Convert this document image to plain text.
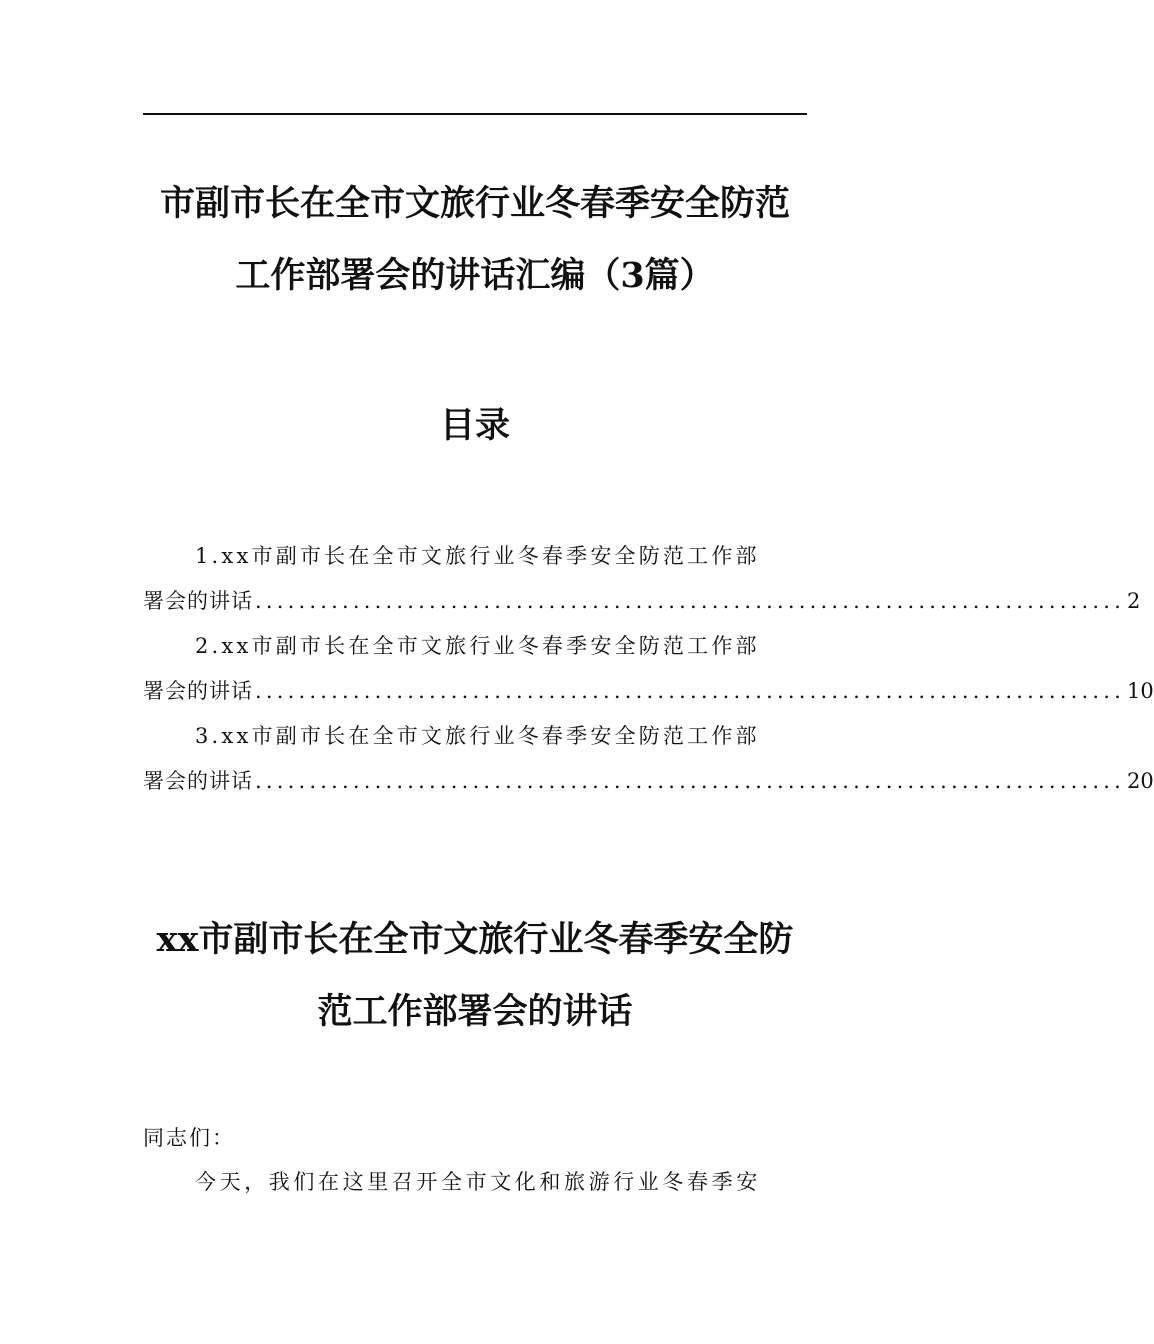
市副市长在全市文旅行业冬春季安全防范
工作部署会的讲话汇编（3篇）
目录
1.xx市副市长在全市文旅行业冬春季安全防范工作部
署会的讲话 ................................................................................ 2
2.xx市副市长在全市文旅行业冬春季安全防范工作部
署会的讲话 ................................................................................ 10
3.xx市副市长在全市文旅行业冬春季安全防范工作部
署会的讲话 ................................................................................ 20
xx市副市长在全市文旅行业冬春季安全防
范工作部署会的讲话

同志们：

今天，我们在这里召开全市文化和旅游行业冬春季安
